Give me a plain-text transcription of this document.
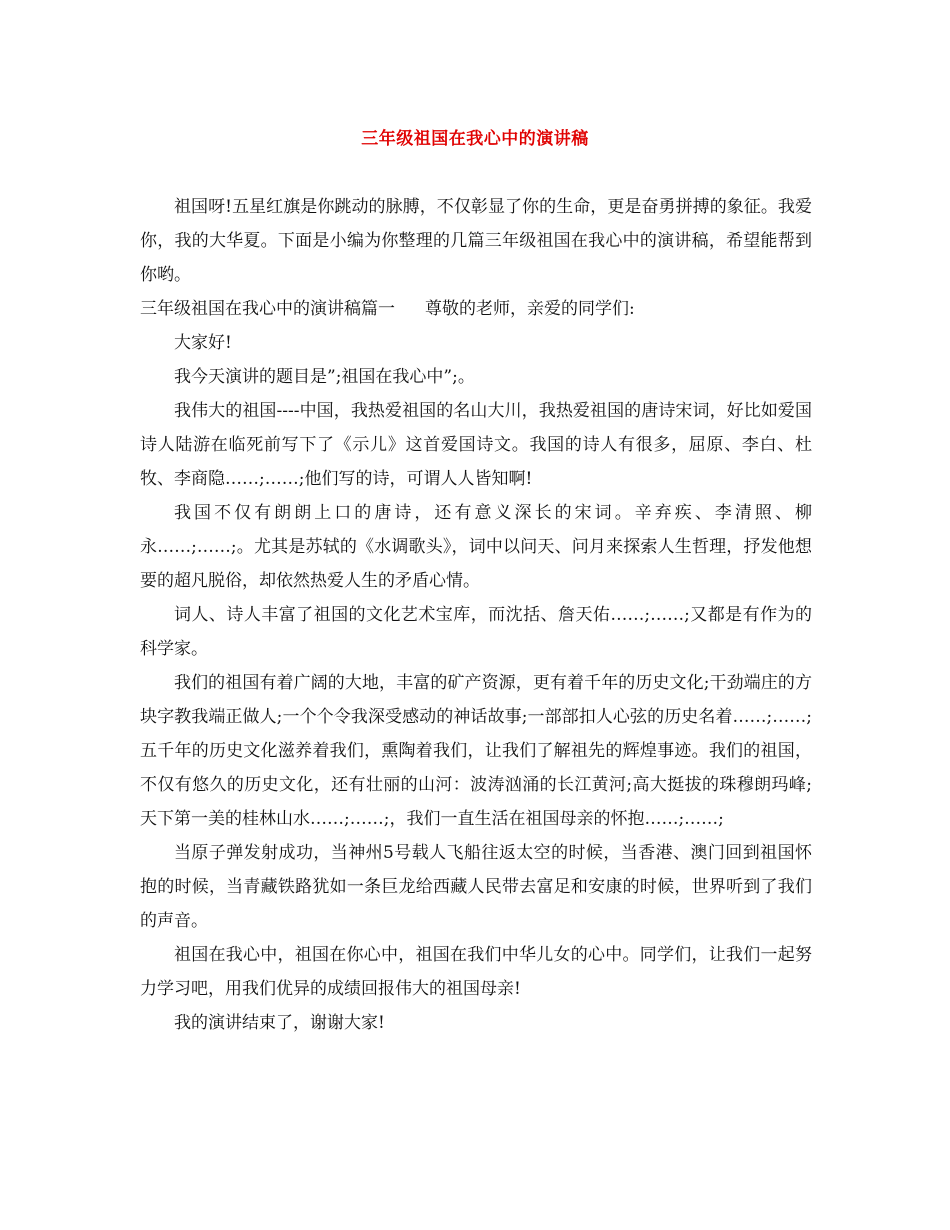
三年级祖国在我心中的演讲稿

祖国呀!五星红旗是你跳动的脉膊，不仅彰显了你的生命，更是奋勇拼搏的象征。我爱你，我的大华夏。下面是小编为你整理的几篇三年级祖国在我心中的演讲稿，希望能帮到你哟。

三年级祖国在我心中的演讲稿篇一 尊敬的老师，亲爱的同学们:

大家好!

我今天演讲的题目是”;祖国在我心中”;。

我伟大的祖国----中国，我热爱祖国的名山大川，我热爱祖国的唐诗宋词，好比如爱国诗人陆游在临死前写下了《示儿》这首爱国诗文。我国的诗人有很多，屈原、李白、杜牧、李商隐……;……;他们写的诗，可谓人人皆知啊!

我国不仅有朗朗上口的唐诗，还有意义深长的宋词。辛弃疾、李清照、柳永……;……;。尤其是苏轼的《水调歌头》，词中以问天、问月来探索人生哲理，抒发他想要的超凡脱俗，却依然热爱人生的矛盾心情。

词人、诗人丰富了祖国的文化艺术宝库，而沈括、詹天佑……;……;又都是有作为的科学家。

我们的祖国有着广阔的大地，丰富的矿产资源，更有着千年的历史文化;干劲端庄的方块字教我端正做人;一个个令我深受感动的神话故事;一部部扣人心弦的历史名着……;……;五千年的历史文化滋养着我们，熏陶着我们，让我们了解祖先的辉煌事迹。我们的祖国，不仅有悠久的历史文化，还有壮丽的山河：波涛汹涌的长江黄河;高大挺拔的珠穆朗玛峰;天下第一美的桂林山水……;……;，我们一直生活在祖国母亲的怀抱……;……;

当原子弹发射成功，当神州5号载人飞船往返太空的时候，当香港、澳门回到祖国怀抱的时候，当青藏铁路犹如一条巨龙给西藏人民带去富足和安康的时候，世界听到了我们的声音。

祖国在我心中，祖国在你心中，祖国在我们中华儿女的心中。同学们，让我们一起努力学习吧，用我们优异的成绩回报伟大的祖国母亲!

我的演讲结束了，谢谢大家!
